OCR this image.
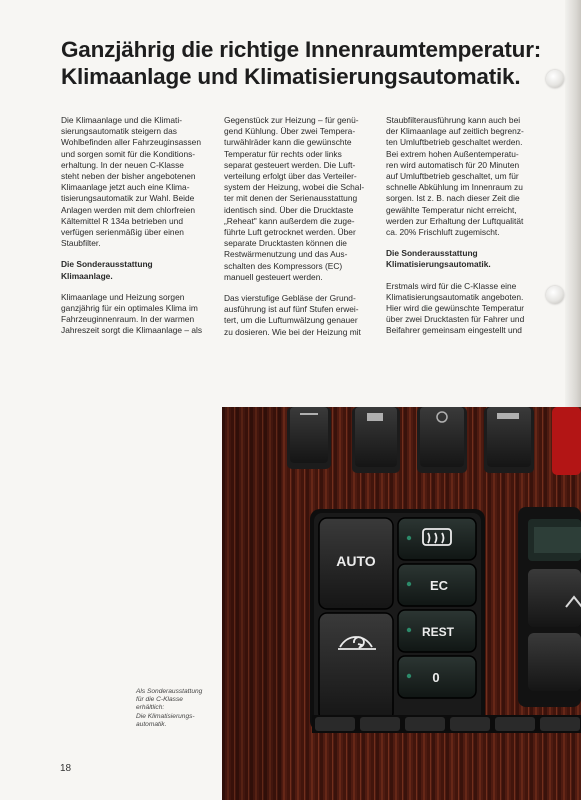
Ganzjährig die richtige Innenraumtemperatur:
Klimaanlage und Klimatisierungsautomatik.

Die Klimaanlage und die Klimati-
sierungsautomatik steigern das
Wohlbefinden aller Fahrzeuginsassen
und sorgen somit für die Konditions-
erhaltung. In der neuen C-Klasse
steht neben der bisher angebotenen
Klimaanlage jetzt auch eine Klima-
tisierungsautomatik zur Wahl. Beide
Anlagen werden mit dem chlorfreien
Kältemittel R 134a betrieben und
verfügen serienmäßig über einen
Staubfilter.

Die Sonderausstattung
Klimaanlage.

Klimaanlage und Heizung sorgen
ganzjährig für ein optimales Klima im
Fahrzeuginnenraum. In der warmen
Jahreszeit sorgt die Klimaanlage – als

Gegenstück zur Heizung – für genü-
gend Kühlung. Über zwei Tempera-
turwählräder kann die gewünschte
Temperatur für rechts oder links
separat gesteuert werden. Die Luft-
verteilung erfolgt über das Verteiler-
system der Heizung, wobei die Schal-
ter mit denen der Serienausstattung
identisch sind. Über die Drucktaste
„Reheat" kann außerdem die zuge-
führte Luft getrocknet werden. Über
separate Drucktasten können die
Restwärmenutzung und das Aus-
schalten des Kompressors (EC)
manuell gesteuert werden.

Das vierstufige Gebläse der Grund-
ausführung ist auf fünf Stufen erwei-
tert, um die Luftumwälzung genauer
zu dosieren. Wie bei der Heizung mit

Staubfilterausführung kann auch bei
der Klimaanlage auf zeitlich begrenz-
ten Umluftbetrieb geschaltet werden.
Bei extrem hohen Außentemperatu-
ren wird automatisch für 20 Minuten
auf Umluftbetrieb geschaltet, um für
schnelle Abkühlung im Innenraum zu
sorgen. Ist z. B. nach dieser Zeit die
gewählte Temperatur nicht erreicht,
werden zur Erhaltung der Luftqualität
ca. 20% Frischluft zugemischt.

Die Sonderausstattung
Klimatisierungsautomatik.

Erstmals wird für die C-Klasse eine
Klimatisierungsautomatik angeboten.
Hier wird die gewünschte Temperatur
über zwei Drucktasten für Fahrer und
Beifahrer gemeinsam eingestellt und

AUTO
EC
REST
0
Als Sonderausstattung
für die C-Klasse
erhältlich:
Die Klimatisierungs-
automatik.
18
